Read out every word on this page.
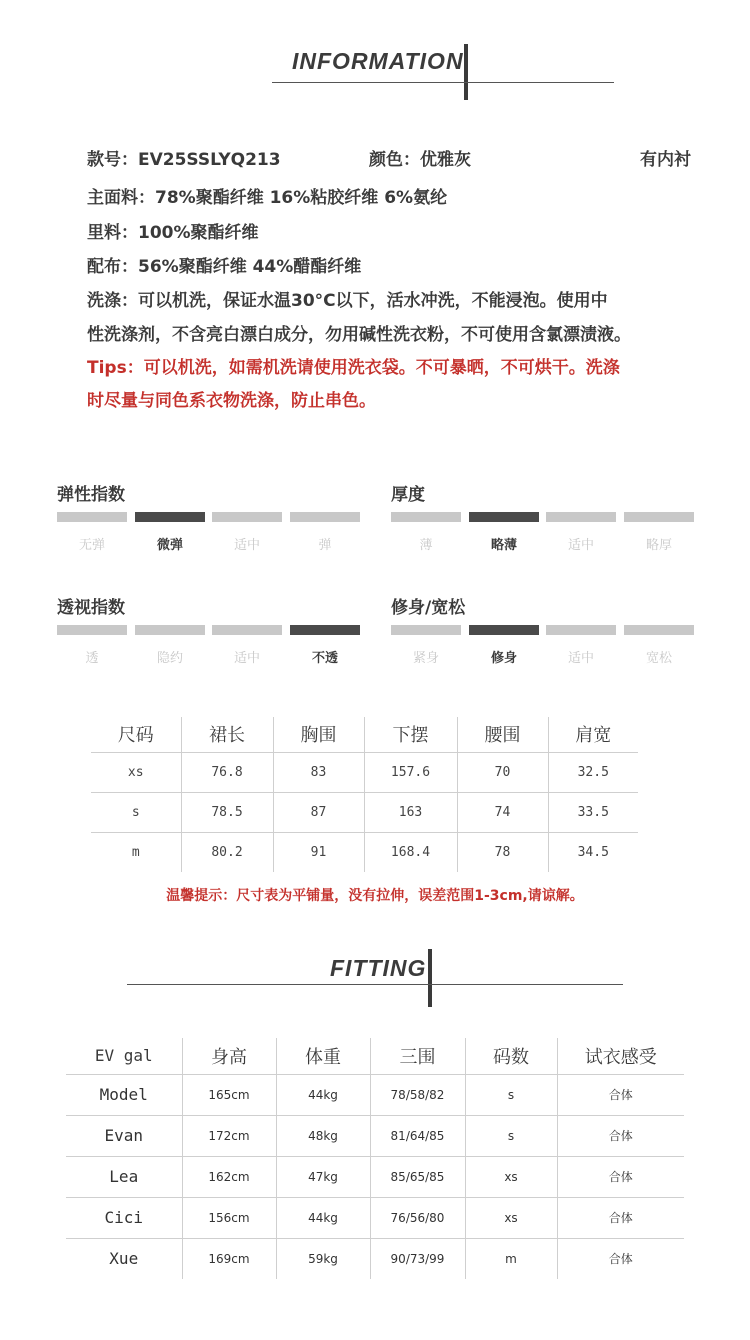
INFORMATION
款号：EV25SSLYQ213	颜色：优雅灰	有内衬
主面料：78%聚酯纤维 16%粘胶纤维 6%氨纶
里料：100%聚酯纤维
配布：56%聚酯纤维 44%醋酯纤维
洗涤：可以机洗，保证水温30°C以下，活水冲洗，不能浸泡。使用中
性洗涤剂，不含亮白漂白成分，勿用碱性洗衣粉，不可使用含氯漂渍液。
Tips：可以机洗，如需机洗请使用洗衣袋。不可暴晒，不可烘干。洗涤
时尽量与同色系衣物洗涤，防止串色。
弹性指数
无弹	微弹	适中	弹
厚度
薄	略薄	适中	略厚
透视指数
透	隐约	适中	不透
修身/宽松
紧身	修身	适中	宽松
尺码	裙长	胸围	下摆	腰围	肩宽
xs	76.8	83	157.6	70	32.5
s	78.5	87	163	74	33.5
m	80.2	91	168.4	78	34.5
温馨提示：尺寸表为平铺量，没有拉伸，误差范围1-3cm,请谅解。
FITTING
EV gal	身高	体重	三围	码数	试衣感受
Model	165cm	44kg	78/58/82	s	合体
Evan	172cm	48kg	81/64/85	s	合体
Lea	162cm	47kg	85/65/85	xs	合体
Cici	156cm	44kg	76/56/80	xs	合体
Xue	169cm	59kg	90/73/99	m	合体
